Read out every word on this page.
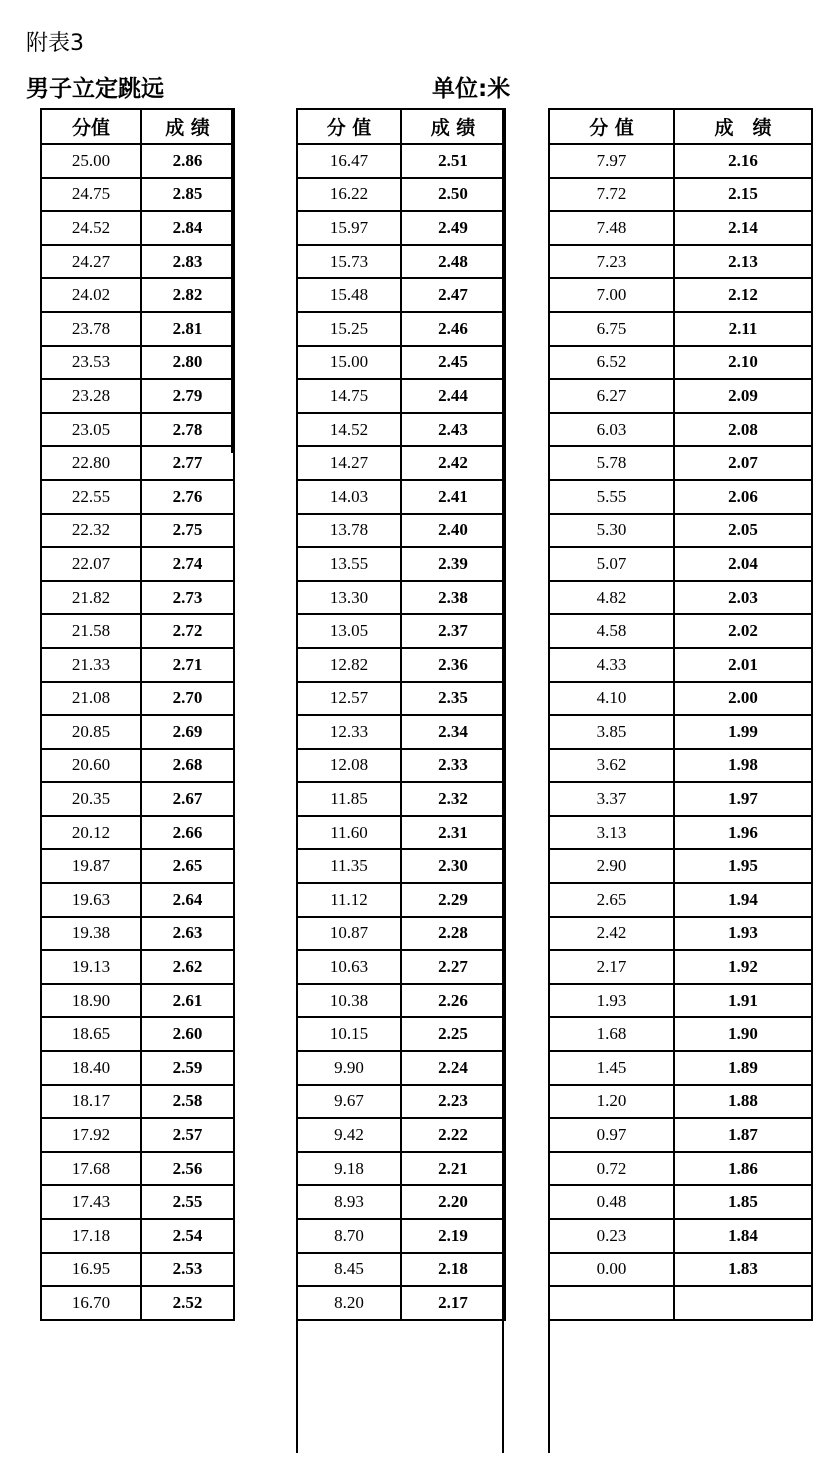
附表3
男子立定跳远	单位:米
分值	成 绩
25.00	2.86
24.75	2.85
24.52	2.84
24.27	2.83
24.02	2.82
23.78	2.81
23.53	2.80
23.28	2.79
23.05	2.78
22.80	2.77
22.55	2.76
22.32	2.75
22.07	2.74
21.82	2.73
21.58	2.72
21.33	2.71
21.08	2.70
20.85	2.69
20.60	2.68
20.35	2.67
20.12	2.66
19.87	2.65
19.63	2.64
19.38	2.63
19.13	2.62
18.90	2.61
18.65	2.60
18.40	2.59
18.17	2.58
17.92	2.57
17.68	2.56
17.43	2.55
17.18	2.54
16.95	2.53
16.70	2.52
分 值	成 绩
16.47	2.51
16.22	2.50
15.97	2.49
15.73	2.48
15.48	2.47
15.25	2.46
15.00	2.45
14.75	2.44
14.52	2.43
14.27	2.42
14.03	2.41
13.78	2.40
13.55	2.39
13.30	2.38
13.05	2.37
12.82	2.36
12.57	2.35
12.33	2.34
12.08	2.33
11.85	2.32
11.60	2.31
11.35	2.30
11.12	2.29
10.87	2.28
10.63	2.27
10.38	2.26
10.15	2.25
9.90	2.24
9.67	2.23
9.42	2.22
9.18	2.21
8.93	2.20
8.70	2.19
8.45	2.18
8.20	2.17
分 值	成　绩
7.97	2.16
7.72	2.15
7.48	2.14
7.23	2.13
7.00	2.12
6.75	2.11
6.52	2.10
6.27	2.09
6.03	2.08
5.78	2.07
5.55	2.06
5.30	2.05
5.07	2.04
4.82	2.03
4.58	2.02
4.33	2.01
4.10	2.00
3.85	1.99
3.62	1.98
3.37	1.97
3.13	1.96
2.90	1.95
2.65	1.94
2.42	1.93
2.17	1.92
1.93	1.91
1.68	1.90
1.45	1.89
1.20	1.88
0.97	1.87
0.72	1.86
0.48	1.85
0.23	1.84
0.00	1.83
